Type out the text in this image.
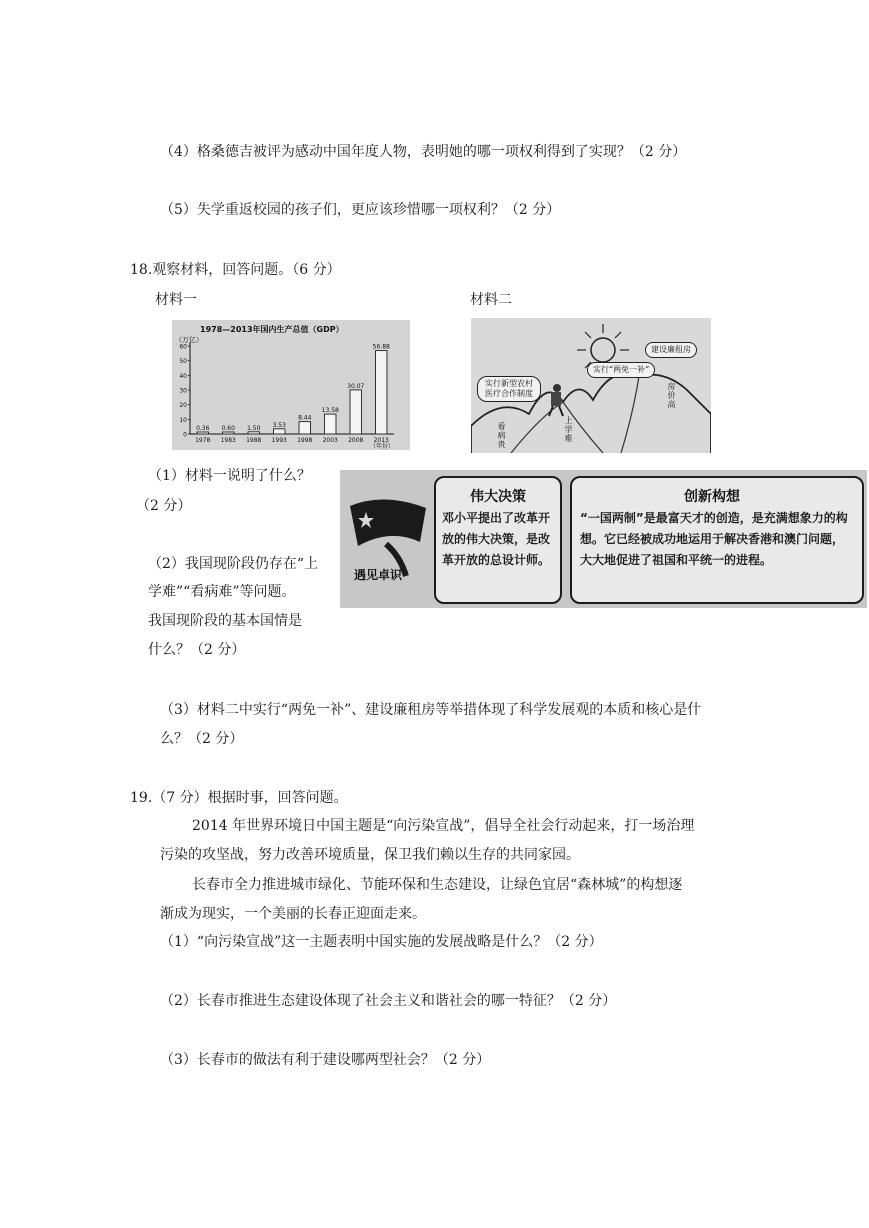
（4）格桑德吉被评为感动中国年度人物，表明她的哪一项权利得到了实现？（2 分）
（5）失学重返校园的孩子们，更应该珍惜哪一项权利？（2 分）
18.观察材料，回答问题。（6 分）
材料一	材料二
1978—2013年国内生产总值（GDP）
（万亿）
（年份）
0
10
20
30
40
50
60
0.36
1978
0.60
1983
1.50
1988
3.53
1993
8.44
1998
13.58
2003
30.07
2008
56.88
2013
实行新型农村医疗合作制度
实行“两免一补”
建设廉租房
看病贵
上学难
房价高
（1）材料一说明了什么？
（2 分）
（2）我国现阶段仍存在“上
学难”“看病难”等问题。
我国现阶段的基本国情是
什么？（2 分）
遇见卓识
伟大决策
邓小平提出了改革开放的伟大决策，是改革开放的总设计师。
创新构想
“一国两制”是最富天才的创造，是充满想象力的构想。它已经被成功地运用于解决香港和澳门问题，大大地促进了祖国和平统一的进程。
（3）材料二中实行“两免一补”、建设廉租房等举措体现了科学发展观的本质和核心是什
么？（2 分）
19.（7 分）根据时事，回答问题。
2014 年世界环境日中国主题是“向污染宣战”，倡导全社会行动起来，打一场治理
污染的攻坚战，努力改善环境质量，保卫我们赖以生存的共同家园。
长春市全力推进城市绿化、节能环保和生态建设，让绿色宜居“森林城”的构想逐
渐成为现实，一个美丽的长春正迎面走来。
（1）“向污染宣战”这一主题表明中国实施的发展战略是什么？（2 分）
（2）长春市推进生态建设体现了社会主义和谐社会的哪一特征？（2 分）
（3）长春市的做法有利于建设哪两型社会？（2 分）
